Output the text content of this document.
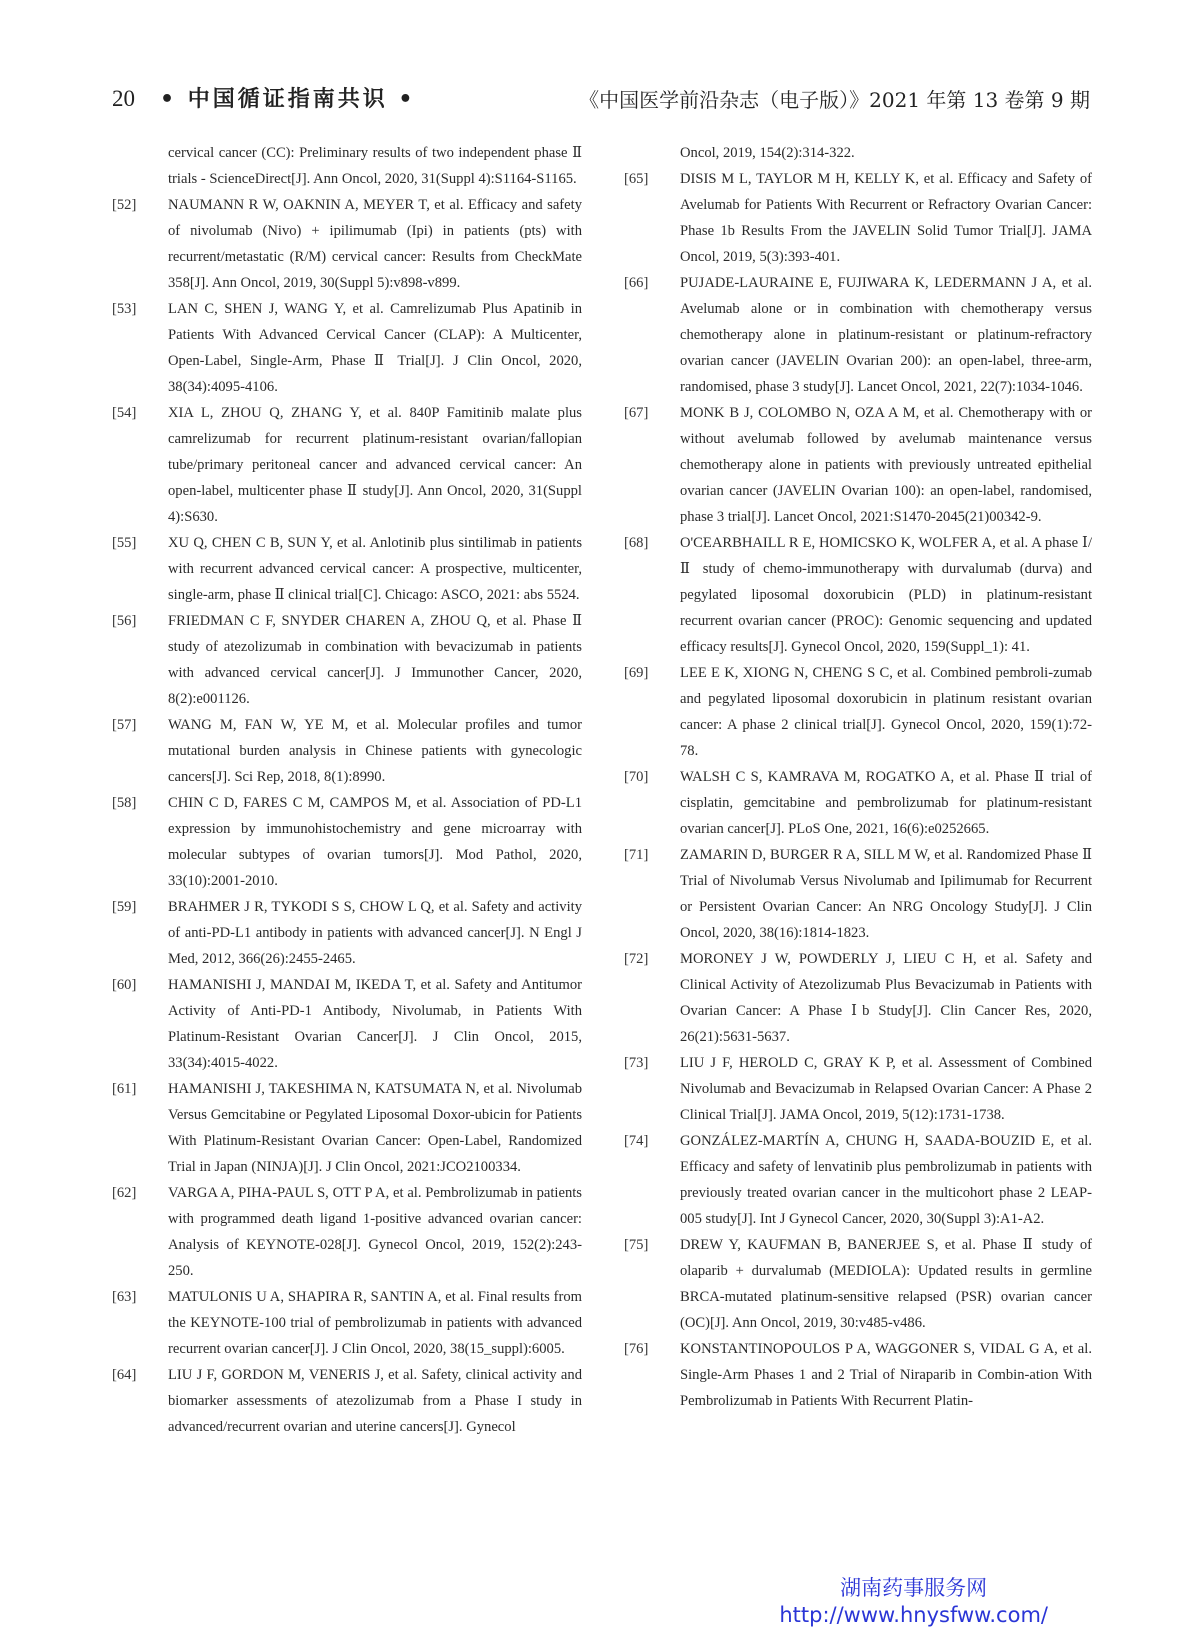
20 • 中国循证指南共识 •	《中国医学前沿杂志（电子版）》2021 年第 13 卷第 9 期
cervical cancer (CC): Preliminary results of two independent phase Ⅱ trials - ScienceDirect[J]. Ann Oncol, 2020, 31(Suppl 4):S1164-S1165.
[52] NAUMANN R W, OAKNIN A, MEYER T, et al. Efficacy and safety of nivolumab (Nivo) + ipilimumab (Ipi) in patients (pts) with recurrent/metastatic (R/M) cervical cancer: Results from CheckMate 358[J]. Ann Oncol, 2019, 30(Suppl 5):v898-v899.
[53] LAN C, SHEN J, WANG Y, et al. Camrelizumab Plus Apatinib in Patients With Advanced Cervical Cancer (CLAP): A Multicenter, Open-Label, Single-Arm, Phase Ⅱ Trial[J]. J Clin Oncol, 2020, 38(34):4095-4106.
[54] XIA L, ZHOU Q, ZHANG Y, et al. 840P Famitinib malate plus camrelizumab for recurrent platinum-resistant ovarian/fallopian tube/primary peritoneal cancer and advanced cervical cancer: An open-label, multicenter phase Ⅱ study[J]. Ann Oncol, 2020, 31(Suppl 4):S630.
[55] XU Q, CHEN C B, SUN Y, et al. Anlotinib plus sintilimab in patients with recurrent advanced cervical cancer: A prospective, multicenter, single-arm, phase Ⅱ clinical trial[C]. Chicago: ASCO, 2021: abs 5524.
[56] FRIEDMAN C F, SNYDER CHAREN A, ZHOU Q, et al. Phase Ⅱ study of atezolizumab in combination with bevacizumab in patients with advanced cervical cancer[J]. J Immunother Cancer, 2020, 8(2):e001126.
[57] WANG M, FAN W, YE M, et al. Molecular profiles and tumor mutational burden analysis in Chinese patients with gynecologic cancers[J]. Sci Rep, 2018, 8(1):8990.
[58] CHIN C D, FARES C M, CAMPOS M, et al. Association of PD-L1 expression by immunohistochemistry and gene microarray with molecular subtypes of ovarian tumors[J]. Mod Pathol, 2020, 33(10):2001-2010.
[59] BRAHMER J R, TYKODI S S, CHOW L Q, et al. Safety and activity of anti-PD-L1 antibody in patients with advanced cancer[J]. N Engl J Med, 2012, 366(26):2455-2465.
[60] HAMANISHI J, MANDAI M, IKEDA T, et al. Safety and Antitumor Activity of Anti-PD-1 Antibody, Nivolumab, in Patients With Platinum-Resistant Ovarian Cancer[J]. J Clin Oncol, 2015, 33(34):4015-4022.
[61] HAMANISHI J, TAKESHIMA N, KATSUMATA N, et al. Nivolumab Versus Gemcitabine or Pegylated Liposomal Doxor-ubicin for Patients With Platinum-Resistant Ovarian Cancer: Open-Label, Randomized Trial in Japan (NINJA)[J]. J Clin Oncol, 2021:JCO2100334.
[62] VARGA A, PIHA-PAUL S, OTT P A, et al. Pembrolizumab in patients with programmed death ligand 1-positive advanced ovarian cancer: Analysis of KEYNOTE-028[J]. Gynecol Oncol, 2019, 152(2):243-250.
[63] MATULONIS U A, SHAPIRA R, SANTIN A, et al. Final results from the KEYNOTE-100 trial of pembrolizumab in patients with advanced recurrent ovarian cancer[J]. J Clin Oncol, 2020, 38(15_suppl):6005.
[64] LIU J F, GORDON M, VENERIS J, et al. Safety, clinical activity and biomarker assessments of atezolizumab from a Phase I study in advanced/recurrent ovarian and uterine cancers[J]. Gynecol
Oncol, 2019, 154(2):314-322.
[65] DISIS M L, TAYLOR M H, KELLY K, et al. Efficacy and Safety of Avelumab for Patients With Recurrent or Refractory Ovarian Cancer: Phase 1b Results From the JAVELIN Solid Tumor Trial[J]. JAMA Oncol, 2019, 5(3):393-401.
[66] PUJADE-LAURAINE E, FUJIWARA K, LEDERMANN J A, et al. Avelumab alone or in combination with chemotherapy versus chemotherapy alone in platinum-resistant or platinum-refractory ovarian cancer (JAVELIN Ovarian 200): an open-label, three-arm, randomised, phase 3 study[J]. Lancet Oncol, 2021, 22(7):1034-1046.
[67] MONK B J, COLOMBO N, OZA A M, et al. Chemotherapy with or without avelumab followed by avelumab maintenance versus chemotherapy alone in patients with previously untreated epithelial ovarian cancer (JAVELIN Ovarian 100): an open-label, randomised, phase 3 trial[J]. Lancet Oncol, 2021:S1470-2045(21)00342-9.
[68] O'CEARBHAILL R E, HOMICSKO K, WOLFER A, et al. A phase Ⅰ/Ⅱ study of chemo-immunotherapy with durvalumab (durva) and pegylated liposomal doxorubicin (PLD) in platinum-resistant recurrent ovarian cancer (PROC): Genomic sequencing and updated efficacy results[J]. Gynecol Oncol, 2020, 159(Suppl_1): 41.
[69] LEE E K, XIONG N, CHENG S C, et al. Combined pembroli-zumab and pegylated liposomal doxorubicin in platinum resistant ovarian cancer: A phase 2 clinical trial[J]. Gynecol Oncol, 2020, 159(1):72-78.
[70] WALSH C S, KAMRAVA M, ROGATKO A, et al. Phase Ⅱ trial of cisplatin, gemcitabine and pembrolizumab for platinum-resistant ovarian cancer[J]. PLoS One, 2021, 16(6):e0252665.
[71] ZAMARIN D, BURGER R A, SILL M W, et al. Randomized Phase Ⅱ Trial of Nivolumab Versus Nivolumab and Ipilimumab for Recurrent or Persistent Ovarian Cancer: An NRG Oncology Study[J]. J Clin Oncol, 2020, 38(16):1814-1823.
[72] MORONEY J W, POWDERLY J, LIEU C H, et al. Safety and Clinical Activity of Atezolizumab Plus Bevacizumab in Patients with Ovarian Cancer: A Phase Ⅰb Study[J]. Clin Cancer Res, 2020, 26(21):5631-5637.
[73] LIU J F, HEROLD C, GRAY K P, et al. Assessment of Combined Nivolumab and Bevacizumab in Relapsed Ovarian Cancer: A Phase 2 Clinical Trial[J]. JAMA Oncol, 2019, 5(12):1731-1738.
[74] GONZÁLEZ-MARTÍN A, CHUNG H, SAADA-BOUZID E, et al. Efficacy and safety of lenvatinib plus pembrolizumab in patients with previously treated ovarian cancer in the multicohort phase 2 LEAP-005 study[J]. Int J Gynecol Cancer, 2020, 30(Suppl 3):A1-A2.
[75] DREW Y, KAUFMAN B, BANERJEE S, et al. Phase Ⅱ study of olaparib + durvalumab (MEDIOLA): Updated results in germline BRCA-mutated platinum-sensitive relapsed (PSR) ovarian cancer (OC)[J]. Ann Oncol, 2019, 30:v485-v486.
[76] KONSTANTINOPOULOS P A, WAGGONER S, VIDAL G A, et al. Single-Arm Phases 1 and 2 Trial of Niraparib in Combin-ation With Pembrolizumab in Patients With Recurrent Platin-
湖南药事服务网
http://www.hnysfww.com/
